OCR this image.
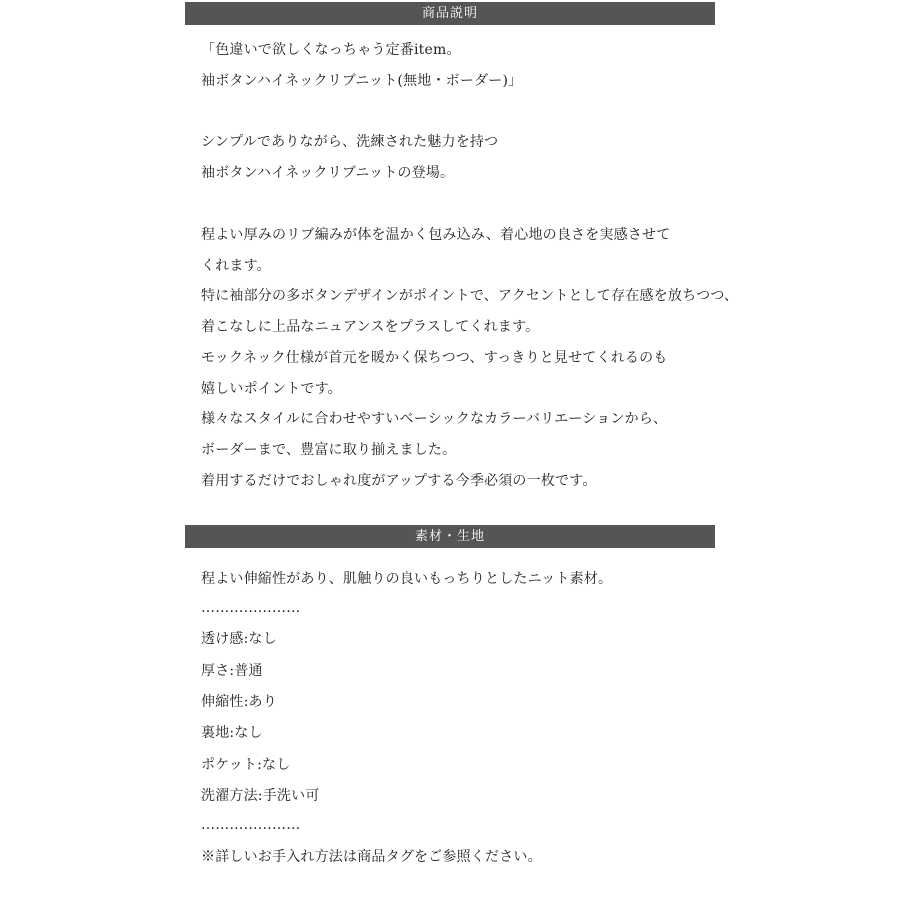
商品説明
「色違いで欲しくなっちゃう定番item。
袖ボタンハイネックリブニット(無地・ボーダー)」
シンプルでありながら、洗練された魅力を持つ
袖ボタンハイネックリブニットの登場。
程よい厚みのリブ編みが体を温かく包み込み、着心地の良さを実感させて
くれます。
特に袖部分の多ボタンデザインがポイントで、アクセントとして存在感を放ちつつ、
着こなしに上品なニュアンスをプラスしてくれます。
モックネック仕様が首元を暖かく保ちつつ、すっきりと見せてくれるのも
嬉しいポイントです。
様々なスタイルに合わせやすいベーシックなカラーバリエーションから、
ボーダーまで、豊富に取り揃えました。
着用するだけでおしゃれ度がアップする今季必須の一枚です。
素材・生地
程よい伸縮性があり、肌触りの良いもっちりとしたニット素材。
…………………
透け感:なし
厚さ:普通
伸縮性:あり
裏地:なし
ポケット:なし
洗濯方法:手洗い可
…………………
※詳しいお手入れ方法は商品タグをご参照ください。
